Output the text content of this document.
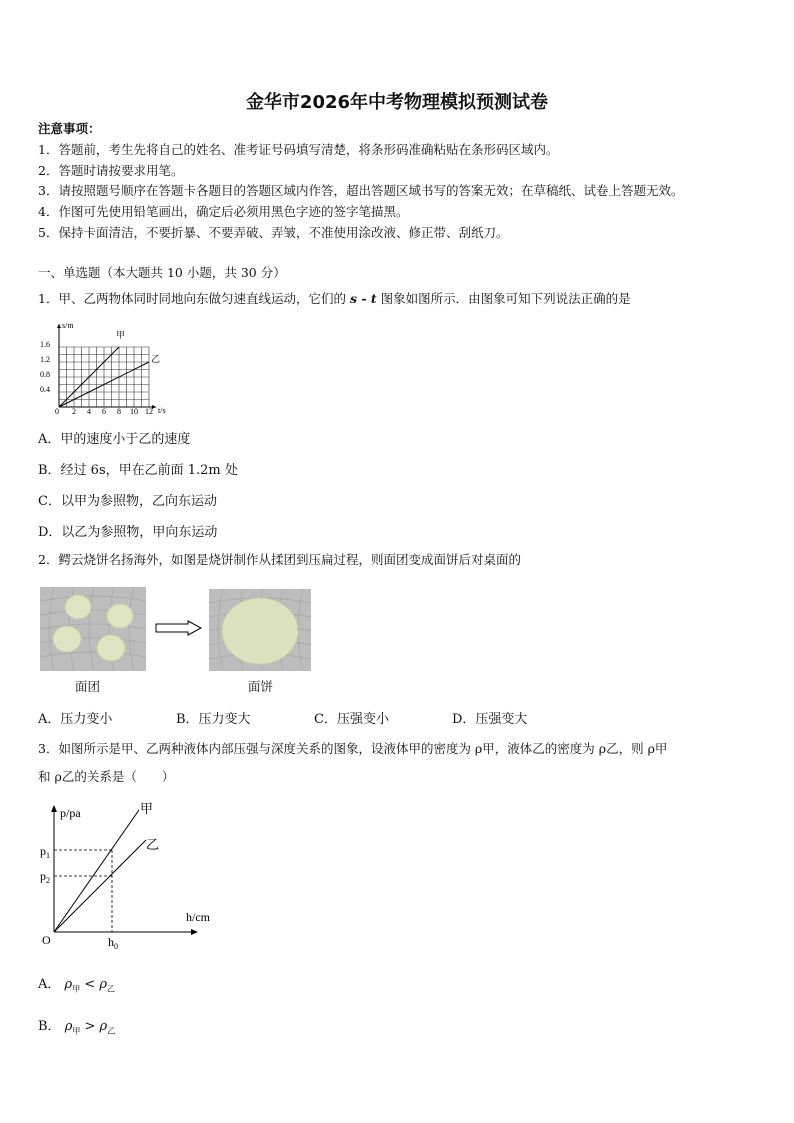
金华市2026年中考物理模拟预测试卷
注意事项：
1．答题前，考生先将自己的姓名、准考证号码填写清楚，将条形码准确粘贴在条形码区域内。
2．答题时请按要求用笔。
3．请按照题号顺序在答题卡各题目的答题区域内作答，超出答题区域书写的答案无效；在草稿纸、试卷上答题无效。
4．作图可先使用铅笔画出，确定后必须用黑色字迹的签字笔描黑。
5．保持卡面清洁，不要折暴、不要弄破、弄皱，不准使用涂改液、修正带、刮纸刀。
一、单选题（本大题共 10 小题，共 30 分）
1．甲、乙两物体同时同地向东做匀速直线运动，它们的 s - t 图象如图所示．由图象可知下列说法正确的是
s/m
t/s
1.6
1.2
0.8
0.4
0 2 4 6 8 10 12
甲
乙
A．甲的速度小于乙的速度
B．经过 6s，甲在乙前面 1.2m 处
C．以甲为参照物，乙向东运动
D．以乙为参照物，甲向东运动
2．鳄云烧饼名扬海外，如图是烧饼制作从揉团到压扁过程，则面团变成面饼后对桌面的
面团	面饼
A．压力变小	B．压力变大	C．压强变小	D．压强变大
3．如图所示是甲、乙两种液体内部压强与深度关系的图象，设液体甲的密度为 ρ甲，液体乙的密度为 ρ乙，则 ρ甲
和 ρ乙的关系是（　　）
p/pa
h/cm
O
$p_1$
$p_2$
$h_0$
甲
乙
A． $\rho_甲 < \rho_乙$
B． $\rho_甲 > \rho_乙$
